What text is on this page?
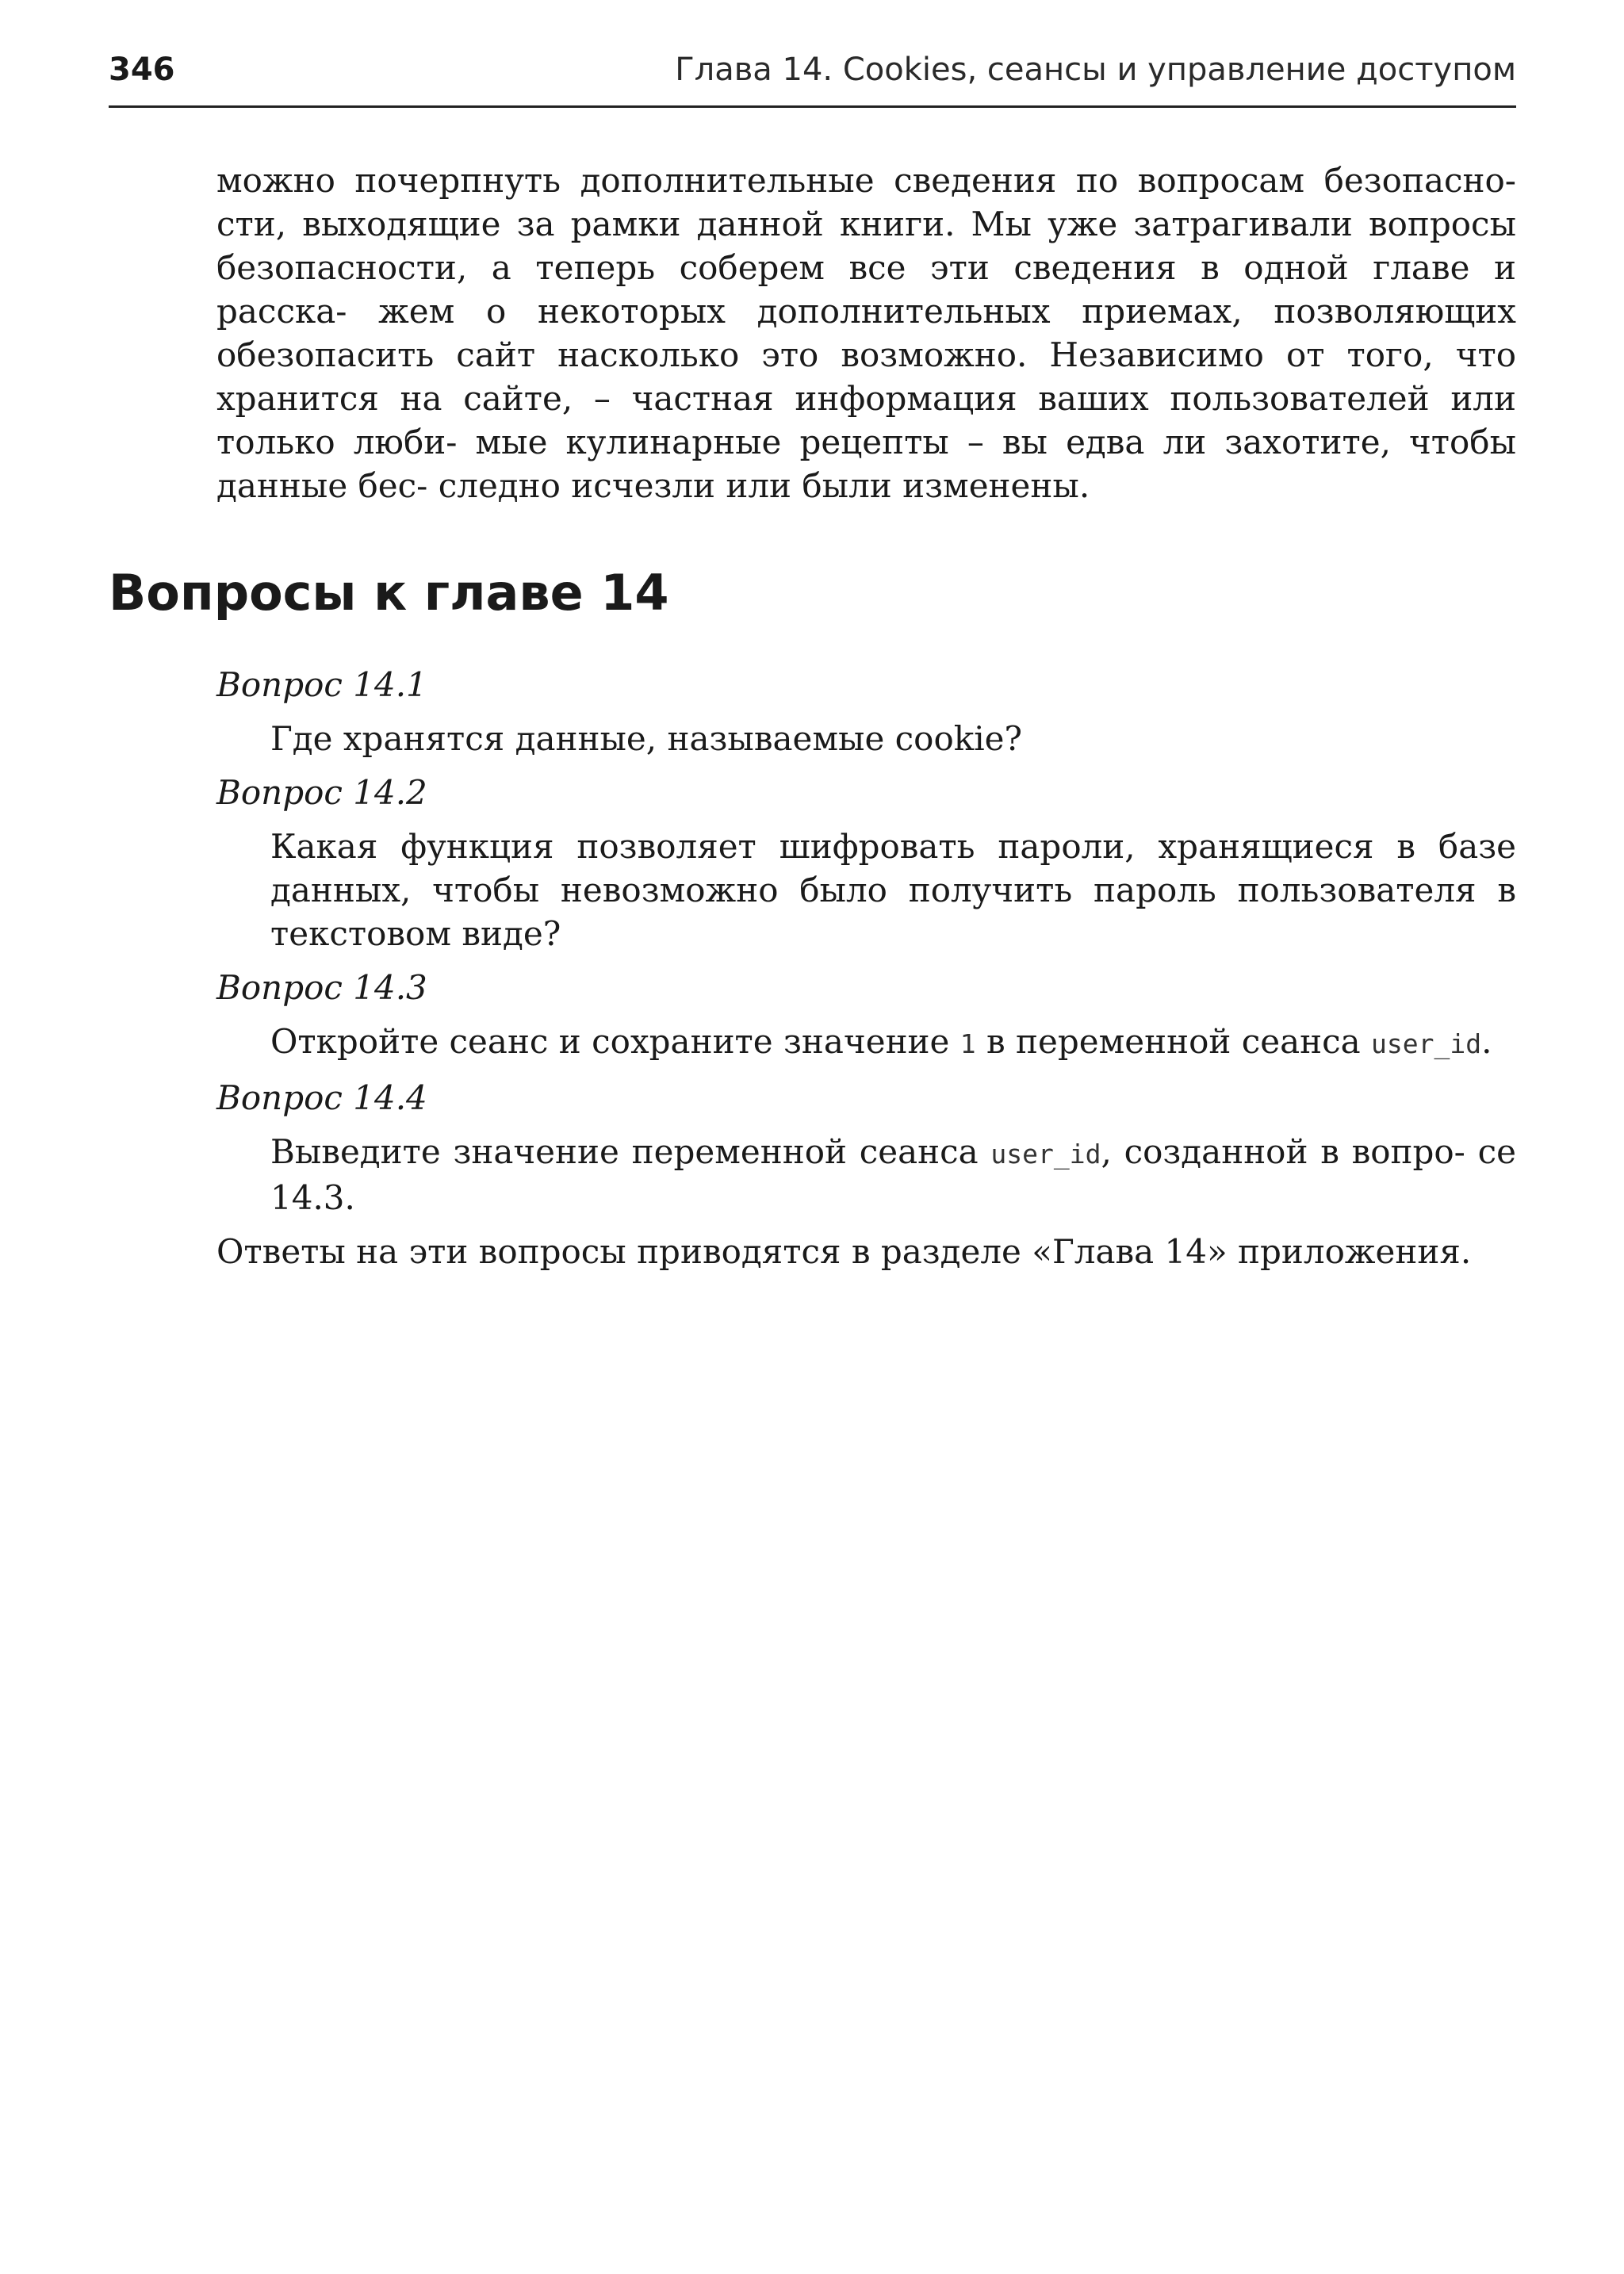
346	Глава 14. Cookies, сеансы и управление доступом

можно почерпнуть дополнительные сведения по вопросам безопасно- сти, выходящие за рамки данной книги. Мы уже затрагивали вопросы безопасности, а теперь соберем все эти сведения в одной главе и расска- жем о некоторых дополнительных приемах, позволяющих обезопасить сайт насколько это возможно. Независимо от того, что хранится на сайте, – частная информация ваших пользователей или только люби- мые кулинарные рецепты – вы едва ли захотите, чтобы данные бес- следно исчезли или были изменены.

Вопросы к главе 14

Вопрос 14.1

Где хранятся данные, называемые cookie?

Вопрос 14.2

Какая функция позволяет шифровать пароли, хранящиеся в базе данных, чтобы невозможно было получить пароль пользователя в текстовом виде?

Вопрос 14.3

Откройте сеанс и сохраните значение 1 в переменной сеанса user_id.

Вопрос 14.4

Выведите значение переменной сеанса user_id, созданной в вопро- се 14.3.

Ответы на эти вопросы приводятся в разделе «Глава 14» приложения.
